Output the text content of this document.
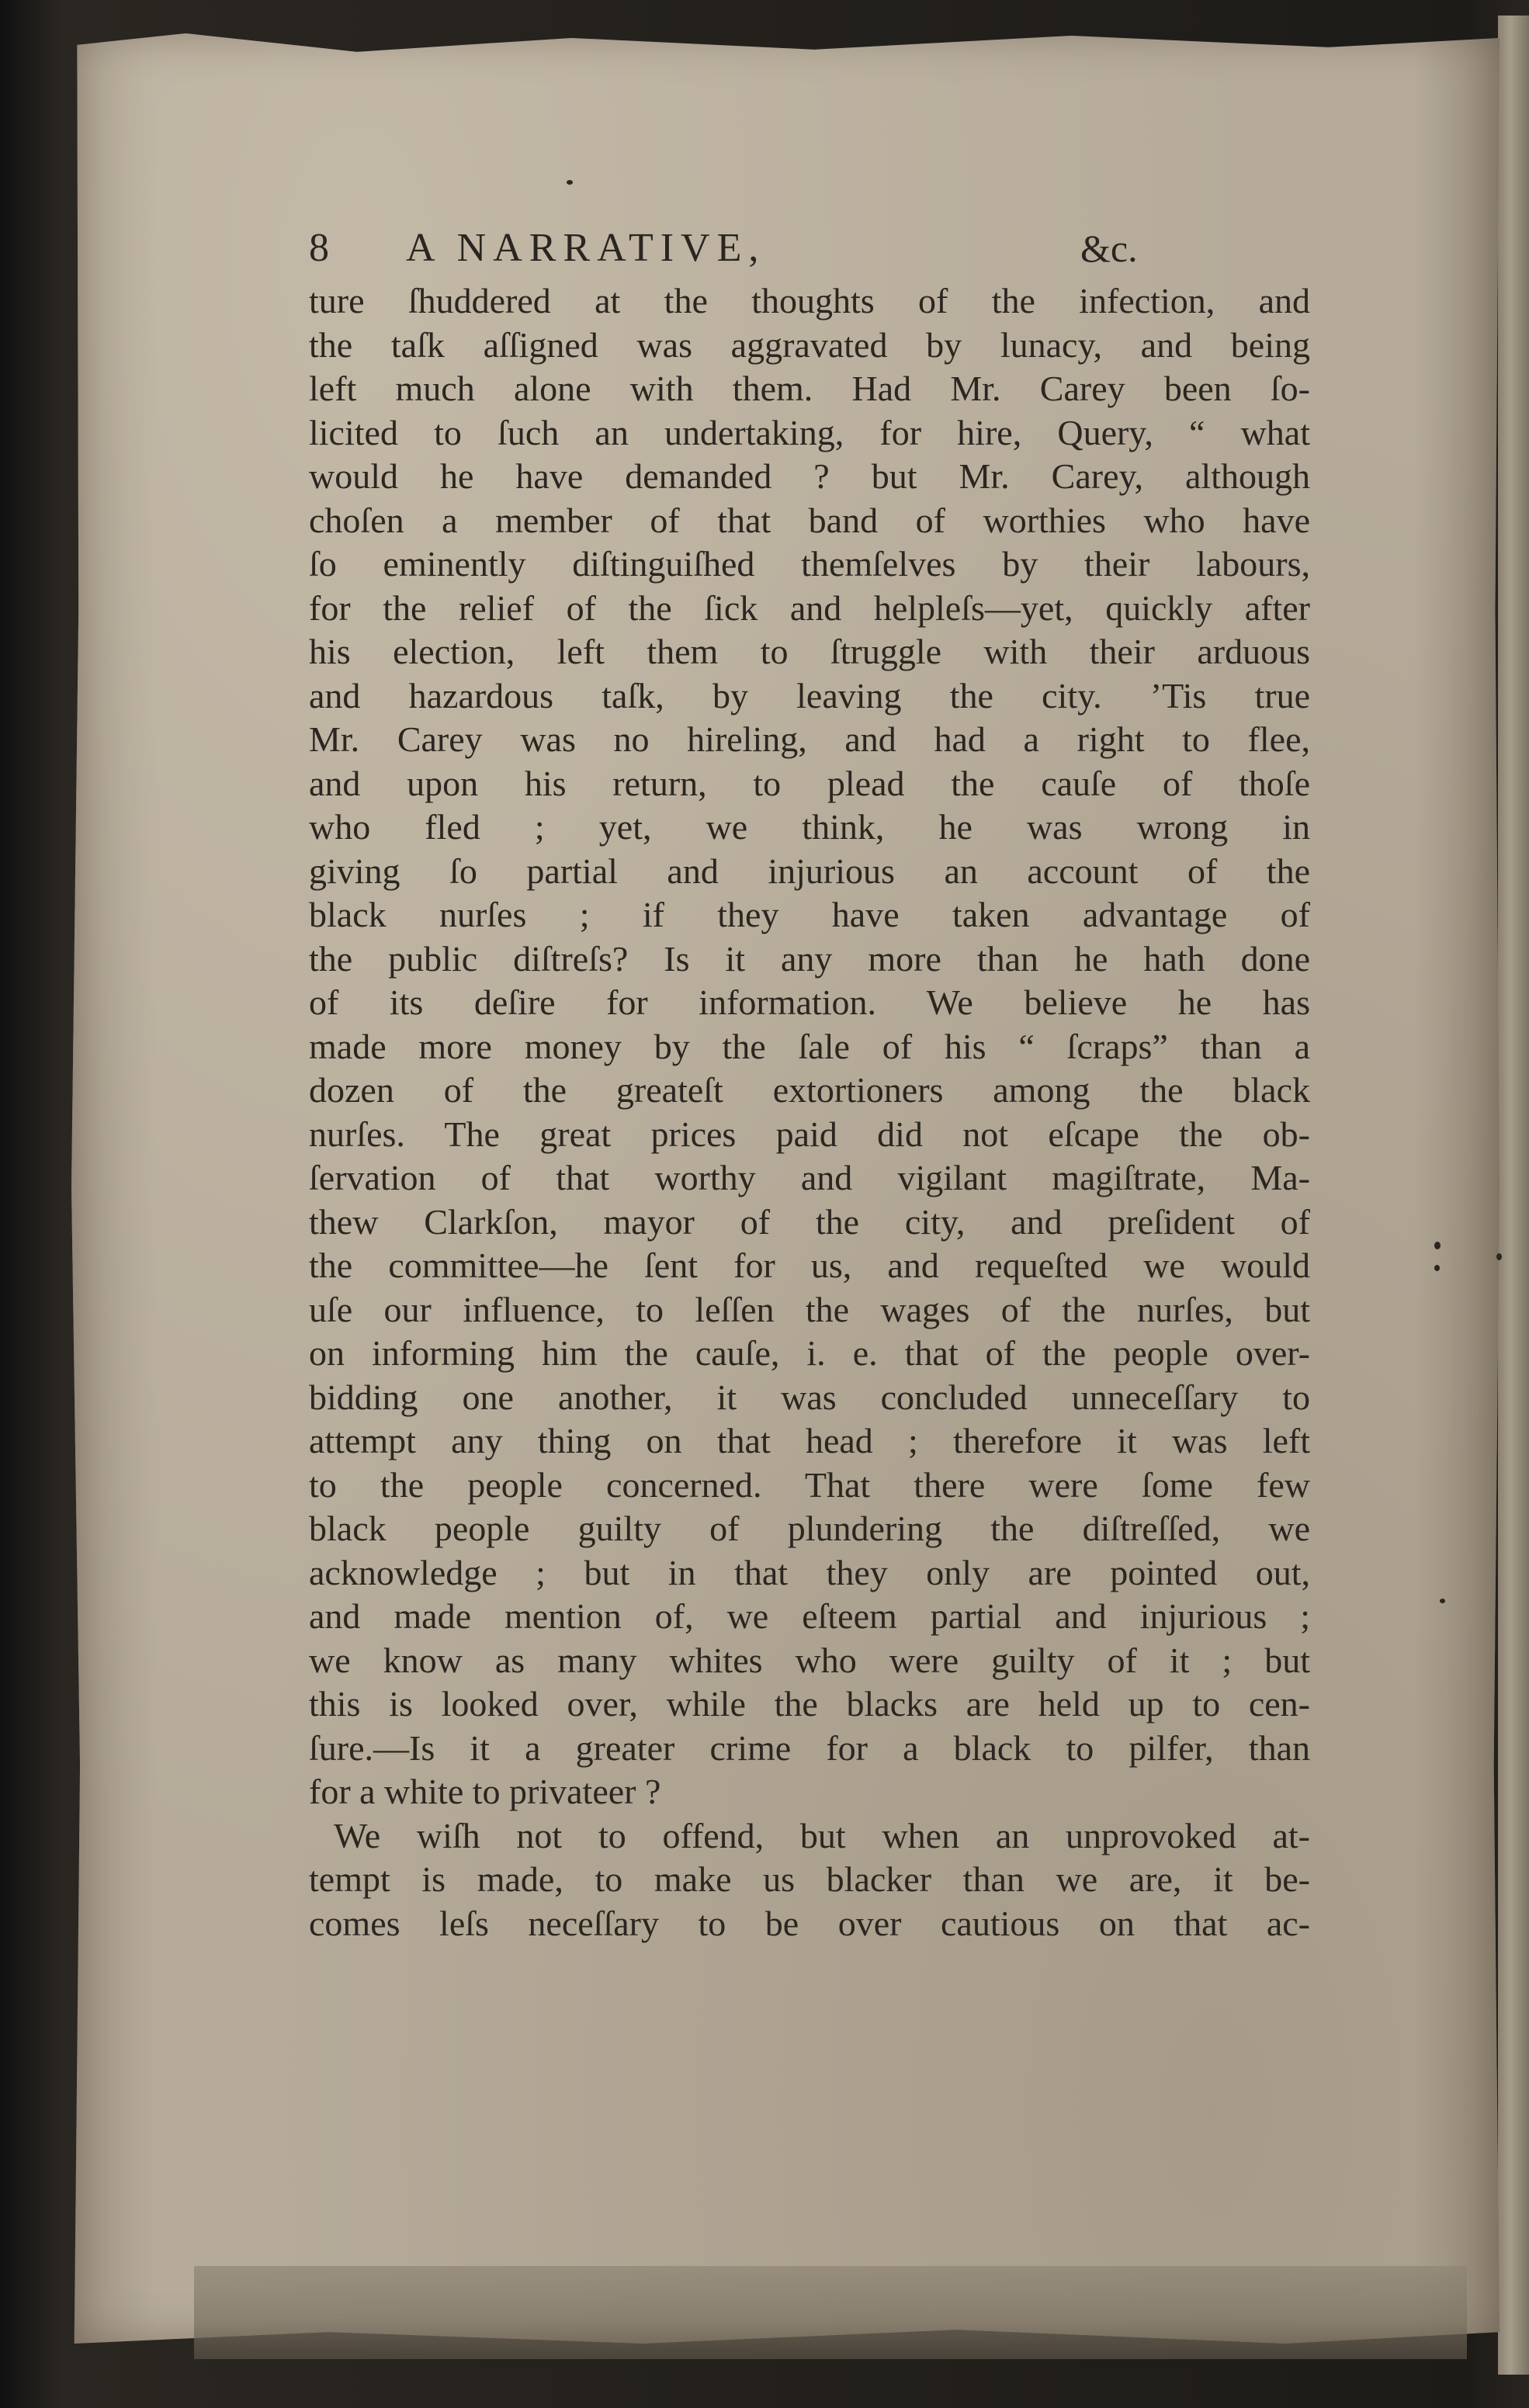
8 A NARRATIVE,	&c.
ture ſhuddered at the thoughts of the infection, and
the taſk aſſigned was aggravated by lunacy, and being
left much alone with them. Had Mr. Carey been ſo-
licited to ſuch an undertaking, for hire, Query, “ what
would he have demanded ? but Mr. Carey, although
choſen a member of that band of worthies who have
ſo eminently diſtinguiſhed themſelves by their labours,
for the relief of the ſick and helpleſs—yet, quickly after
his election, left them to ſtruggle with their arduous
and hazardous taſk, by leaving the city. ’Tis true
Mr. Carey was no hireling, and had a right to flee,
and upon his return, to plead the cauſe of thoſe
who fled ; yet, we think, he was wrong in
giving ſo partial and injurious an account of the
black nurſes ; if they have taken advantage of
the public diſtreſs? Is it any more than he hath done
of its deſire for information. We believe he has
made more money by the ſale of his “ ſcraps” than a
dozen of the greateſt extortioners among the black
nurſes. The great prices paid did not eſcape the ob-
ſervation of that worthy and vigilant magiſtrate, Ma-
thew Clarkſon, mayor of the city, and preſident of
the committee—he ſent for us, and requeſted we would
uſe our influence, to leſſen the wages of the nurſes, but
on informing him the cauſe, i. e. that of the people over-
bidding one another, it was concluded unneceſſary to
attempt any thing on that head ; therefore it was left
to the people concerned. That there were ſome few
black people guilty of plundering the diſtreſſed, we
acknowledge ; but in that they only are pointed out,
and made mention of, we eſteem partial and injurious ;
we know as many whites who were guilty of it ; but
this is looked over, while the blacks are held up to cen-
ſure.—Is it a greater crime for a black to pilfer, than
for a white to privateer ?
We wiſh not to offend, but when an unprovoked at-
tempt is made, to make us blacker than we are, it be-
comes leſs neceſſary to be over cautious on that ac-
